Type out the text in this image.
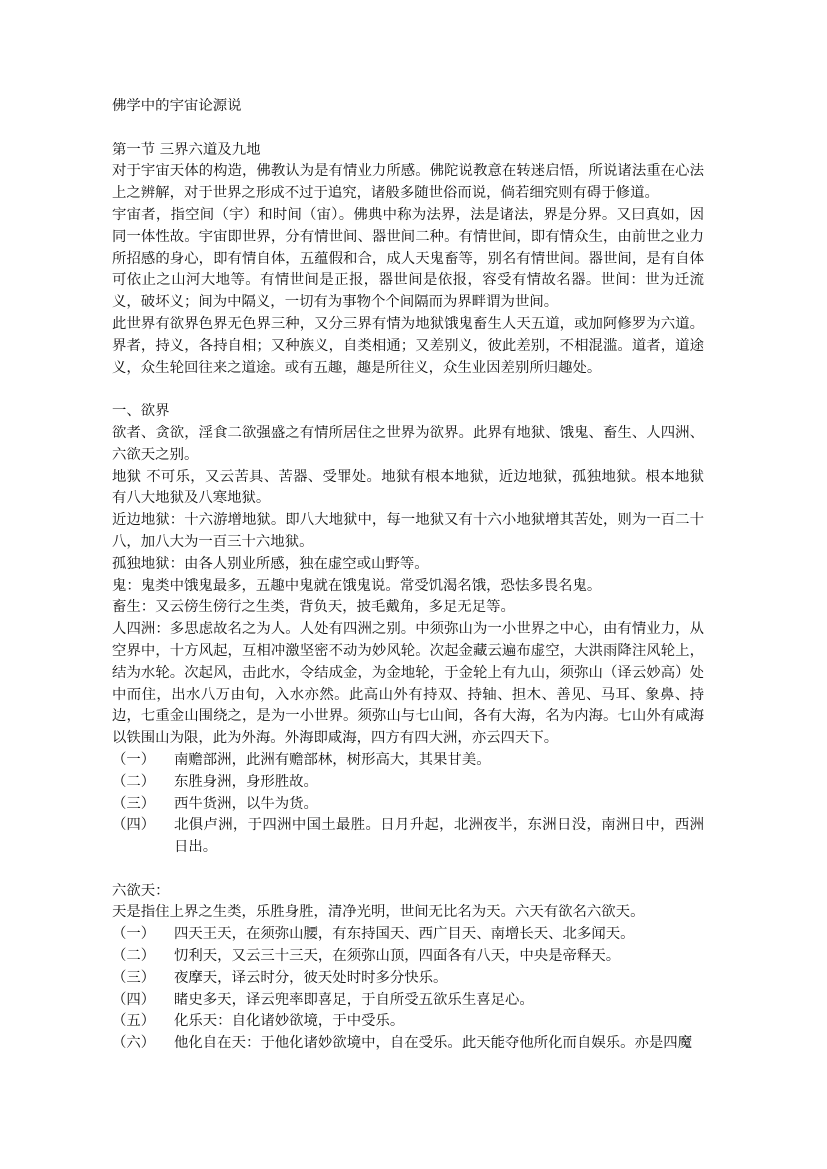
佛学中的宇宙论源说

第一节 三界六道及九地

对于宇宙天体的构造，佛教认为是有情业力所感。佛陀说教意在转迷启悟，所说诸法重在心法上之辨解，对于世界之形成不过于追究，诸般多随世俗而说，倘若细究则有碍于修道。

宇宙者，指空间（宇）和时间（宙）。佛典中称为法界，法是诸法，界是分界。又曰真如，因同一体性故。宇宙即世界，分有情世间、器世间二种。有情世间，即有情众生，由前世之业力所招感的身心，即有情自体，五蕴假和合，成人天鬼畜等，别名有情世间。器世间，是有自体可依止之山河大地等。有情世间是正报，器世间是依报，容受有情故名器。世间：世为迁流义，破坏义；间为中隔义，一切有为事物个个间隔而为界畔谓为世间。

此世界有欲界色界无色界三种，又分三界有情为地狱饿鬼畜生人天五道，或加阿修罗为六道。界者，持义，各持自相；又种族义，自类相通；又差别义，彼此差别，不相混滥。道者，道途义，众生轮回往来之道途。或有五趣，趣是所往义，众生业因差别所归趣处。

一、欲界

欲者、贪欲，淫食二欲强盛之有情所居住之世界为欲界。此界有地狱、饿鬼、畜生、人四洲、六欲天之别。

地狱 不可乐，又云苦具、苦器、受罪处。地狱有根本地狱，近边地狱，孤独地狱。根本地狱有八大地狱及八寒地狱。

近边地狱：十六游增地狱。即八大地狱中，每一地狱又有十六小地狱增其苦处，则为一百二十八，加八大为一百三十六地狱。

孤独地狱：由各人别业所感，独在虚空或山野等。

鬼：鬼类中饿鬼最多，五趣中鬼就在饿鬼说。常受饥渴名饿，恐怯多畏名鬼。

畜生：又云傍生傍行之生类，背负天，披毛戴角，多足无足等。

人四洲：多思虑故名之为人。人处有四洲之别。中须弥山为一小世界之中心，由有情业力，从空界中，十方风起，互相冲激坚密不动为妙风轮。次起金藏云遍布虚空，大洪雨降注风轮上，结为水轮。次起风，击此水，令结成金，为金地轮，于金轮上有九山，须弥山（译云妙高）处中而住，出水八万由旬，入水亦然。此高山外有持双、持轴、担木、善见、马耳、象鼻、持边，七重金山围绕之，是为一小世界。须弥山与七山间，各有大海，名为内海。七山外有咸海以铁围山为限，此为外海。外海即咸海，四方有四大洲，亦云四天下。

（一）	南赡部洲，此洲有赡部林，树形高大，其果甘美。
（二）	东胜身洲，身形胜故。
（三）	西牛货洲，以牛为货。
（四）	北俱卢洲，于四洲中国土最胜。日月升起，北洲夜半，东洲日没，南洲日中，西洲日出。

六欲天：

天是指住上界之生类，乐胜身胜，清净光明，世间无比名为天。六天有欲名六欲天。

（一）	四天王天，在须弥山腰，有东持国天、西广目天、南增长天、北多闻天。
（二）	忉利天，又云三十三天，在须弥山顶，四面各有八天，中央是帝释天。
（三）	夜摩天，译云时分，彼天处时时多分快乐。
（四）	睹史多天，译云兜率即喜足，于自所受五欲乐生喜足心。
（五）	化乐天：自化诸妙欲境，于中受乐。
（六）	他化自在天：于他化诸妙欲境中，自在受乐。此天能夺他所化而自娱乐。亦是四魔
